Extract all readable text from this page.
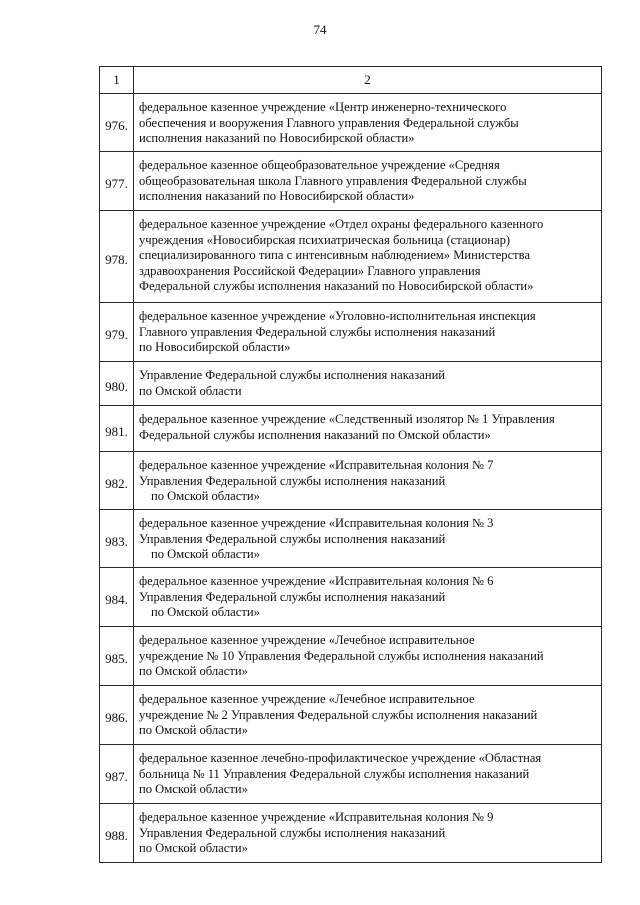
74
1	2
976.	федеральное казенное учреждение «Центр инженерно-технического
обеспечения и вооружения Главного управления Федеральной службы
исполнения наказаний по Новосибирской области»

977.	федеральное казенное общеобразовательное учреждение «Средняя
общеобразовательная школа Главного управления Федеральной службы
исполнения наказаний по Новосибирской области»

978.	федеральное казенное учреждение «Отдел охраны федерального казенного
учреждения «Новосибирская психиатрическая больница (стационар)
специализированного типа с интенсивным наблюдением» Министерства
здравоохранения Российской Федерации» Главного управления
Федеральной службы исполнения наказаний по Новосибирской области»

979.	федеральное казенное учреждение «Уголовно-исполнительная инспекция
Главного управления Федеральной службы исполнения наказаний
по Новосибирской области»

980.	Управление Федеральной службы исполнения наказаний
по Омской области

981.	федеральное казенное учреждение «Следственный изолятор № 1 Управления
Федеральной службы исполнения наказаний по Омской области»

982.	федеральное казенное учреждение «Исправительная колония № 7
Управления Федеральной службы исполнения наказаний
по Омской области»

983.	федеральное казенное учреждение «Исправительная колония № 3
Управления Федеральной службы исполнения наказаний
по Омской области»

984.	федеральное казенное учреждение «Исправительная колония № 6
Управления Федеральной службы исполнения наказаний
по Омской области»

985.	федеральное казенное учреждение «Лечебное исправительное
учреждение № 10 Управления Федеральной службы исполнения наказаний
по Омской области»

986.	федеральное казенное учреждение «Лечебное исправительное
учреждение № 2 Управления Федеральной службы исполнения наказаний
по Омской области»

987.	федеральное казенное лечебно-профилактическое учреждение «Областная
больница № 11 Управления Федеральной службы исполнения наказаний
по Омской области»

988.	федеральное казенное учреждение «Исправительная колония № 9
Управления Федеральной службы исполнения наказаний
по Омской области»
